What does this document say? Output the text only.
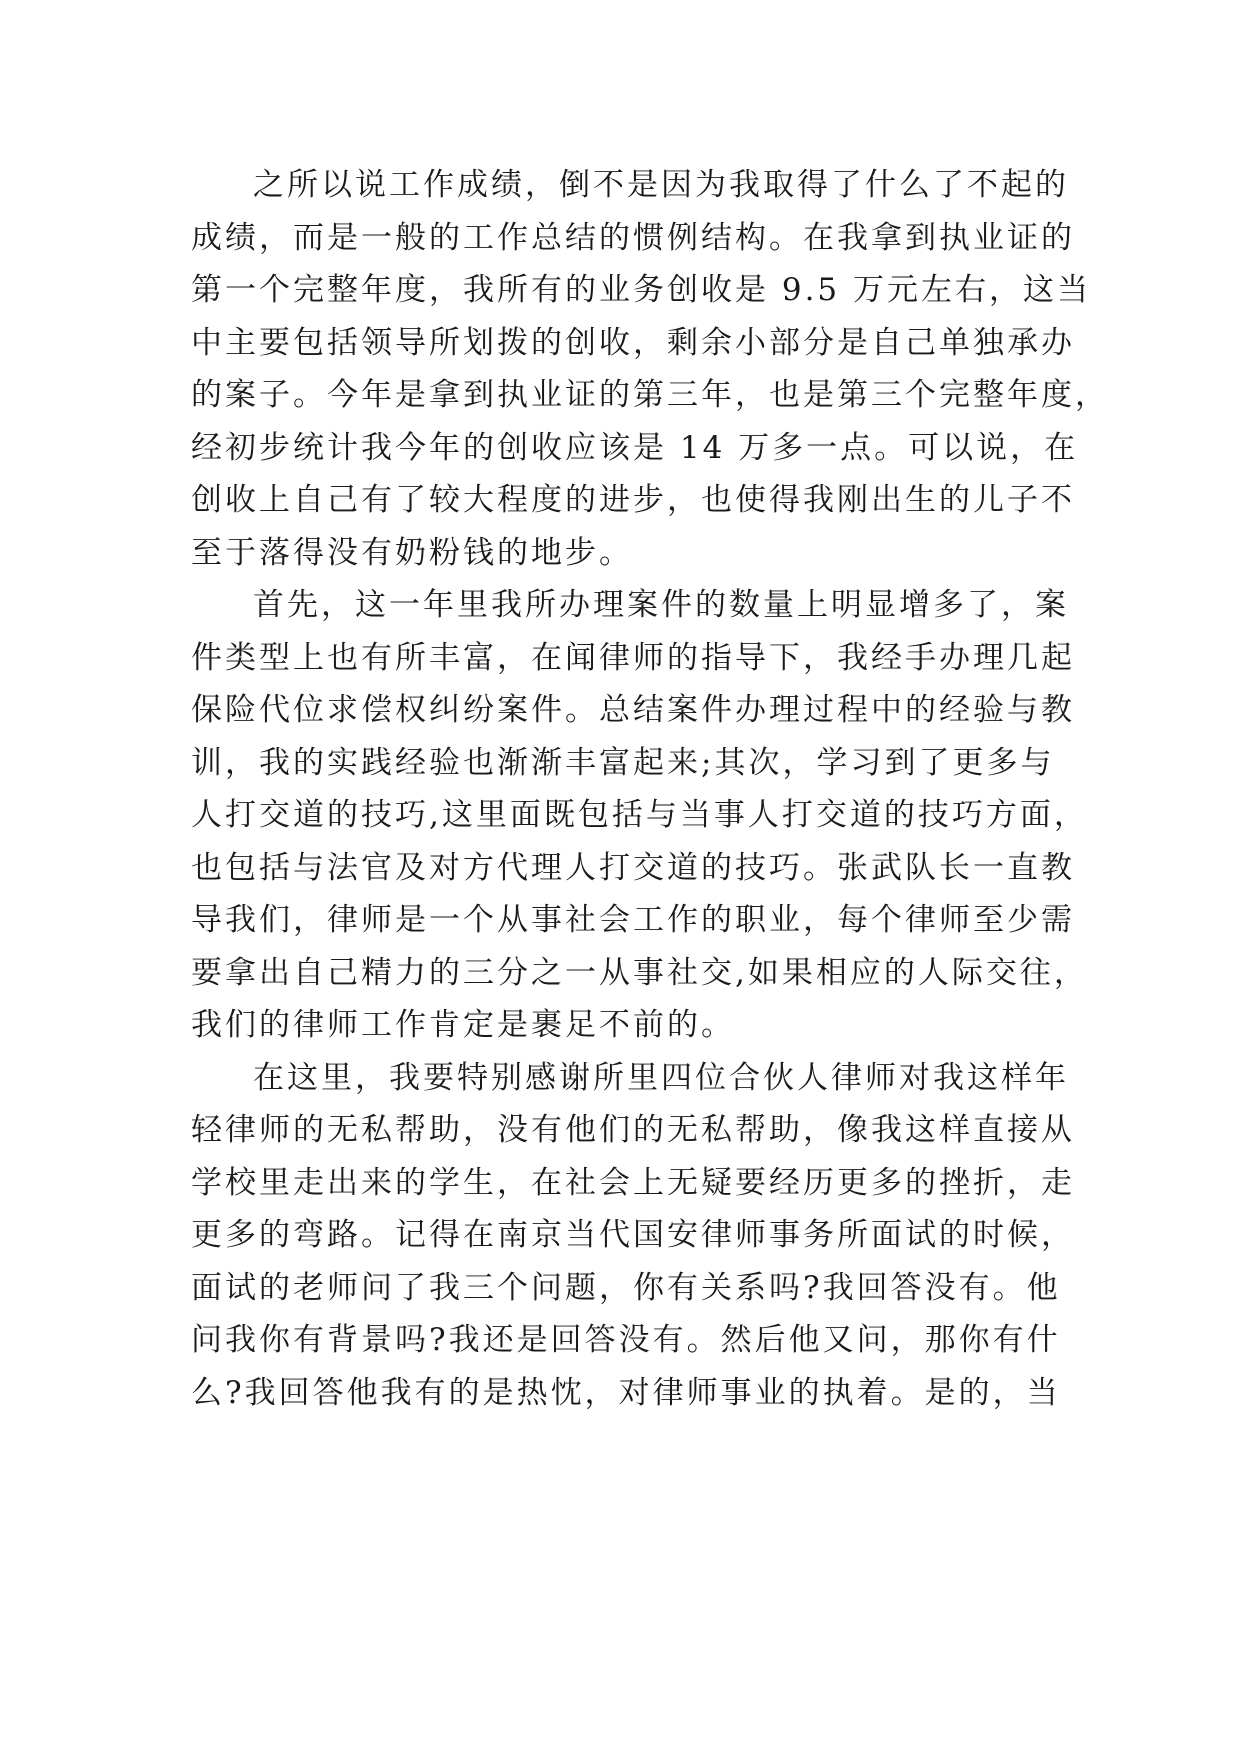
之所以说工作成绩，倒不是因为我取得了什么了不起的
成绩，而是一般的工作总结的惯例结构。在我拿到执业证的
第一个完整年度，我所有的业务创收是 9.5 万元左右，这当
中主要包括领导所划拨的创收，剩余小部分是自己单独承办
的案子。今年是拿到执业证的第三年，也是第三个完整年度，
经初步统计我今年的创收应该是 14 万多一点。可以说，在
创收上自己有了较大程度的进步，也使得我刚出生的儿子不
至于落得没有奶粉钱的地步。
首先，这一年里我所办理案件的数量上明显增多了，案
件类型上也有所丰富，在闻律师的指导下，我经手办理几起
保险代位求偿权纠纷案件。总结案件办理过程中的经验与教
训，我的实践经验也渐渐丰富起来;其次，学习到了更多与
人打交道的技巧,这里面既包括与当事人打交道的技巧方面，
也包括与法官及对方代理人打交道的技巧。张武队长一直教
导我们，律师是一个从事社会工作的职业，每个律师至少需
要拿出自己精力的三分之一从事社交,如果相应的人际交往，
我们的律师工作肯定是裹足不前的。
在这里，我要特别感谢所里四位合伙人律师对我这样年
轻律师的无私帮助，没有他们的无私帮助，像我这样直接从
学校里走出来的学生，在社会上无疑要经历更多的挫折，走
更多的弯路。记得在南京当代国安律师事务所面试的时候，
面试的老师问了我三个问题，你有关系吗?我回答没有。他
问我你有背景吗?我还是回答没有。然后他又问，那你有什
么?我回答他我有的是热忱，对律师事业的执着。是的，当
